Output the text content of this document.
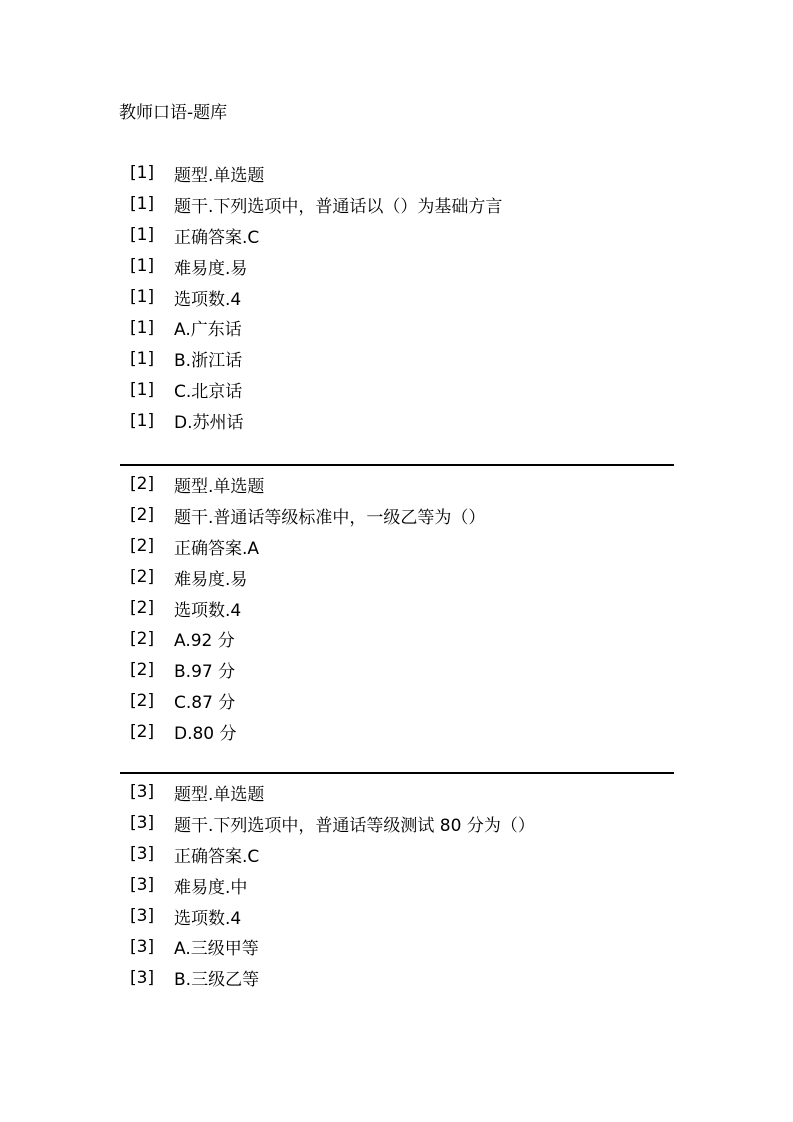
教师口语-题库
[1]	题型.单选题
[1]	题干.下列选项中，普通话以（）为基础方言
[1]	正确答案.C
[1]	难易度.易
[1]	选项数.4
[1]	A.广东话
[1]	B.浙江话
[1]	C.北京话
[1]	D.苏州话
[2]	题型.单选题
[2]	题干.普通话等级标准中，一级乙等为（）
[2]	正确答案.A
[2]	难易度.易
[2]	选项数.4
[2]	A.92 分
[2]	B.97 分
[2]	C.87 分
[2]	D.80 分
[3]	题型.单选题
[3]	题干.下列选项中，普通话等级测试 80 分为（）
[3]	正确答案.C
[3]	难易度.中
[3]	选项数.4
[3]	A.三级甲等
[3]	B.三级乙等
